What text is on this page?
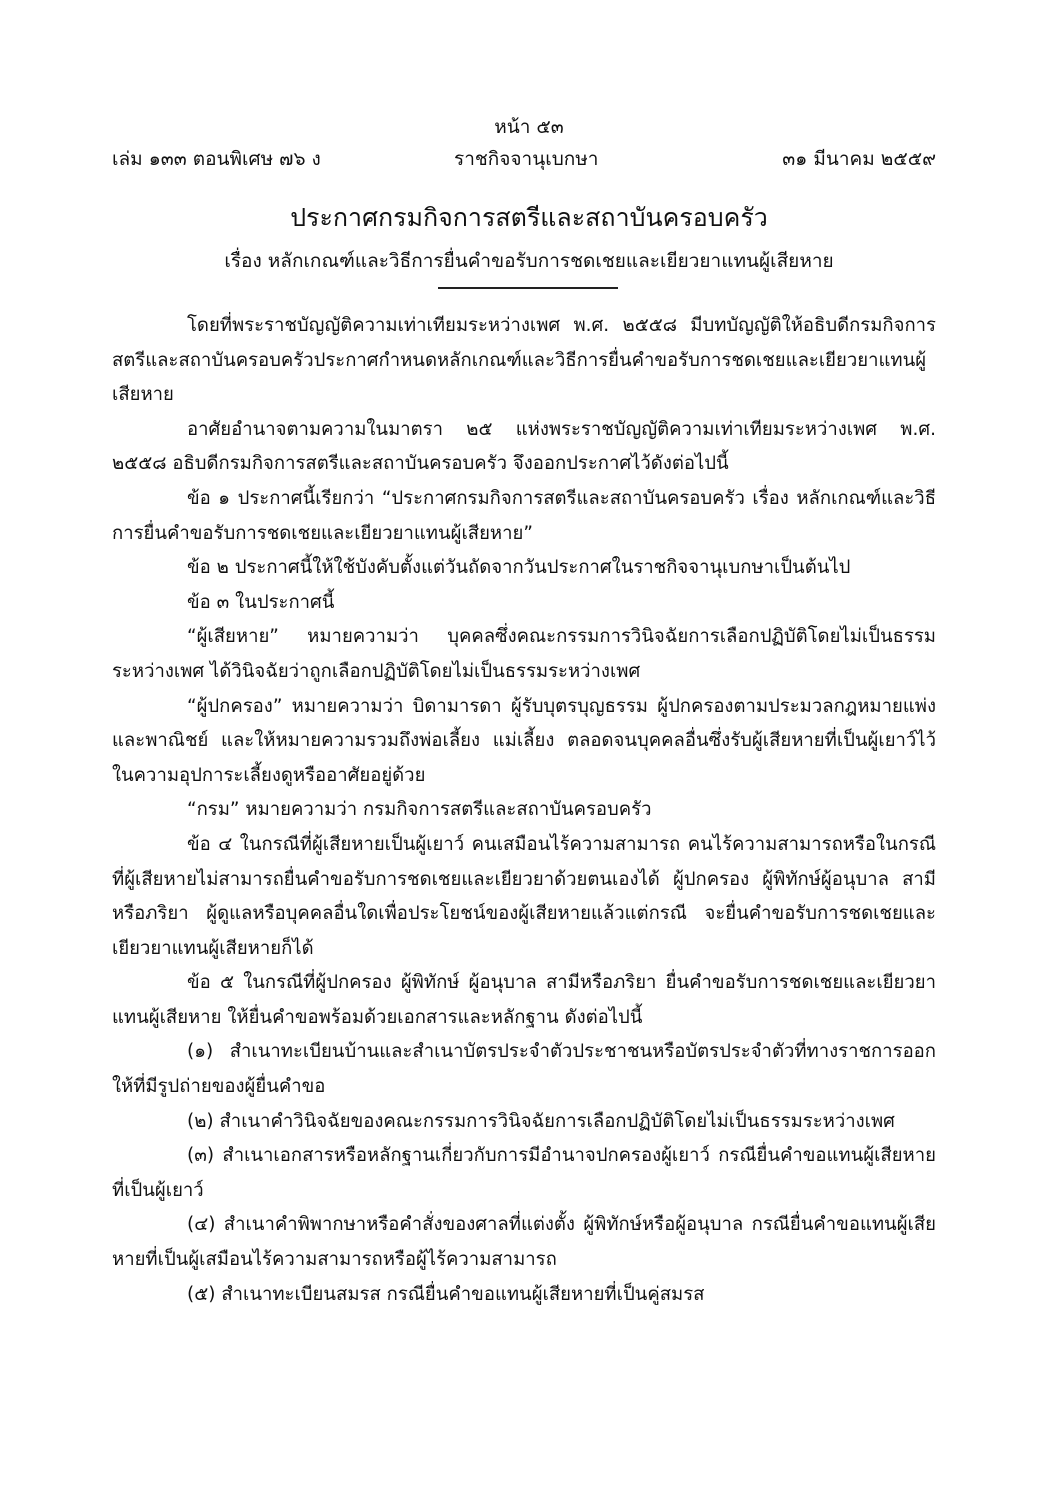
หน้า ๕๓
เล่ม ๑๓๓ ตอนพิเศษ ๗๖ ง	ราชกิจจานุเบกษา	๓๑ มีนาคม ๒๕๕๙
ประกาศกรมกิจการสตรีและสถาบันครอบครัว
เรื่อง หลักเกณฑ์และวิธีการยื่นคำขอรับการชดเชยและเยียวยาแทนผู้เสียหาย

โดยที่พระราชบัญญัติความเท่าเทียมระหว่างเพศ พ.ศ. ๒๕๕๘ มีบทบัญญัติให้อธิบดีกรมกิจการสตรีและสถาบันครอบครัวประกาศกำหนดหลักเกณฑ์และวิธีการยื่นคำขอรับการชดเชยและเยียวยาแทนผู้เสียหาย

อาศัยอำนาจตามความในมาตรา ๒๕ แห่งพระราชบัญญัติความเท่าเทียมระหว่างเพศ พ.ศ. ๒๕๕๘ อธิบดีกรมกิจการสตรีและสถาบันครอบครัว จึงออกประกาศไว้ดังต่อไปนี้

ข้อ ๑ ประกาศนี้เรียกว่า “ประกาศกรมกิจการสตรีและสถาบันครอบครัว เรื่อง หลักเกณฑ์และวิธีการยื่นคำขอรับการชดเชยและเยียวยาแทนผู้เสียหาย”

ข้อ ๒ ประกาศนี้ให้ใช้บังคับตั้งแต่วันถัดจากวันประกาศในราชกิจจานุเบกษาเป็นต้นไป

ข้อ ๓ ในประกาศนี้

“ผู้เสียหาย” หมายความว่า บุคคลซึ่งคณะกรรมการวินิจฉัยการเลือกปฏิบัติโดยไม่เป็นธรรมระหว่างเพศ ได้วินิจฉัยว่าถูกเลือกปฏิบัติโดยไม่เป็นธรรมระหว่างเพศ

“ผู้ปกครอง” หมายความว่า บิดามารดา ผู้รับบุตรบุญธรรม ผู้ปกครองตามประมวลกฎหมายแพ่งและพาณิชย์ และให้หมายความรวมถึงพ่อเลี้ยง แม่เลี้ยง ตลอดจนบุคคลอื่นซึ่งรับผู้เสียหายที่เป็นผู้เยาว์ไว้ในความอุปการะเลี้ยงดูหรืออาศัยอยู่ด้วย

“กรม” หมายความว่า กรมกิจการสตรีและสถาบันครอบครัว

ข้อ ๔ ในกรณีที่ผู้เสียหายเป็นผู้เยาว์ คนเสมือนไร้ความสามารถ คนไร้ความสามารถหรือในกรณีที่ผู้เสียหายไม่สามารถยื่นคำขอรับการชดเชยและเยียวยาด้วยตนเองได้ ผู้ปกครอง ผู้พิทักษ์ผู้อนุบาล สามีหรือภริยา ผู้ดูแลหรือบุคคลอื่นใดเพื่อประโยชน์ของผู้เสียหายแล้วแต่กรณี จะยื่นคำขอรับการชดเชยและเยียวยาแทนผู้เสียหายก็ได้

ข้อ ๕ ในกรณีที่ผู้ปกครอง ผู้พิทักษ์ ผู้อนุบาล สามีหรือภริยา ยื่นคำขอรับการชดเชยและเยียวยาแทนผู้เสียหาย ให้ยื่นคำขอพร้อมด้วยเอกสารและหลักฐาน ดังต่อไปนี้

(๑) สำเนาทะเบียนบ้านและสำเนาบัตรประจำตัวประชาชนหรือบัตรประจำตัวที่ทางราชการออกให้ที่มีรูปถ่ายของผู้ยื่นคำขอ

(๒) สำเนาคำวินิจฉัยของคณะกรรมการวินิจฉัยการเลือกปฏิบัติโดยไม่เป็นธรรมระหว่างเพศ

(๓) สำเนาเอกสารหรือหลักฐานเกี่ยวกับการมีอำนาจปกครองผู้เยาว์ กรณียื่นคำขอแทนผู้เสียหายที่เป็นผู้เยาว์

(๔) สำเนาคำพิพากษาหรือคำสั่งของศาลที่แต่งตั้ง ผู้พิทักษ์หรือผู้อนุบาล กรณียื่นคำขอแทนผู้เสียหายที่เป็นผู้เสมือนไร้ความสามารถหรือผู้ไร้ความสามารถ

(๕) สำเนาทะเบียนสมรส กรณียื่นคำขอแทนผู้เสียหายที่เป็นคู่สมรส
